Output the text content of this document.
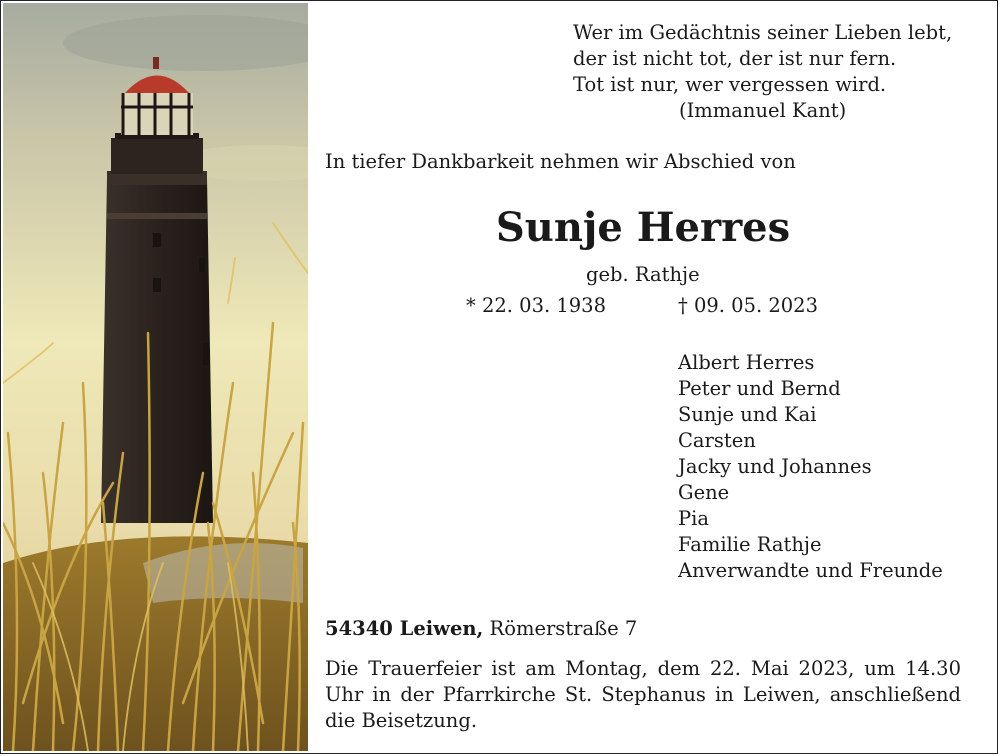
Wer im Gedächtnis seiner Lieben lebt,
der ist nicht tot, der ist nur fern.
Tot ist nur, wer vergessen wird.
(Immanuel Kant)
In tiefer Dankbarkeit nehmen wir Abschied von
Sunje Herres
geb. Rathje
* 22. 03. 1938	† 09. 05. 2023
Albert Herres
Peter und Bernd
Sunje und Kai
Carsten
Jacky und Johannes
Gene
Pia
Familie Rathje
Anverwandte und Freunde
54340 Leiwen, Römerstraße 7
Die Trauerfeier ist am Montag, dem 22. Mai 2023, um 14.30 Uhr in der Pfarrkirche St. Stephanus in Leiwen, anschließend die Beisetzung.
